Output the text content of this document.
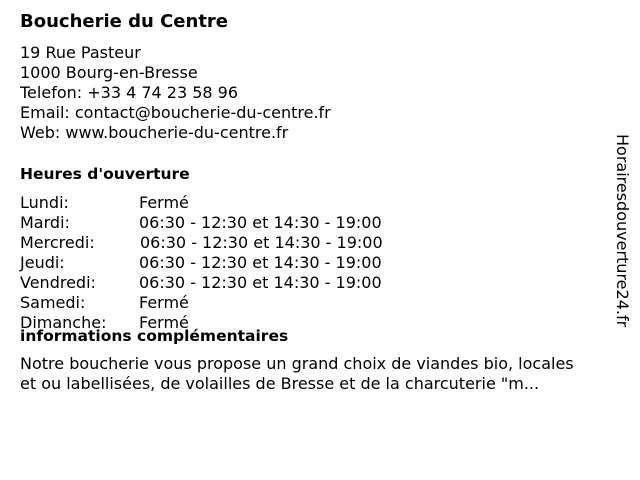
Boucherie du Centre
19 Rue Pasteur
1000 Bourg-en-Bresse
Telefon: +33 4 74 23 58 96
Email: contact@boucherie-du-centre.fr
Web: www.boucherie-du-centre.fr
Heures d'ouverture
Lundi:	Fermé
Mardi:	06:30 - 12:30 et 14:30 - 19:00
Mercredi:	06:30 - 12:30 et 14:30 - 19:00
Jeudi:	06:30 - 12:30 et 14:30 - 19:00
Vendredi:	06:30 - 12:30 et 14:30 - 19:00
Samedi:	Fermé
Dimanche: Fermé
informations complémentaires
Notre boucherie vous propose un grand choix de viandes bio, locales
et ou labellisées, de volailles de Bresse et de la charcuterie "m...
Horairesdouverture24.fr
